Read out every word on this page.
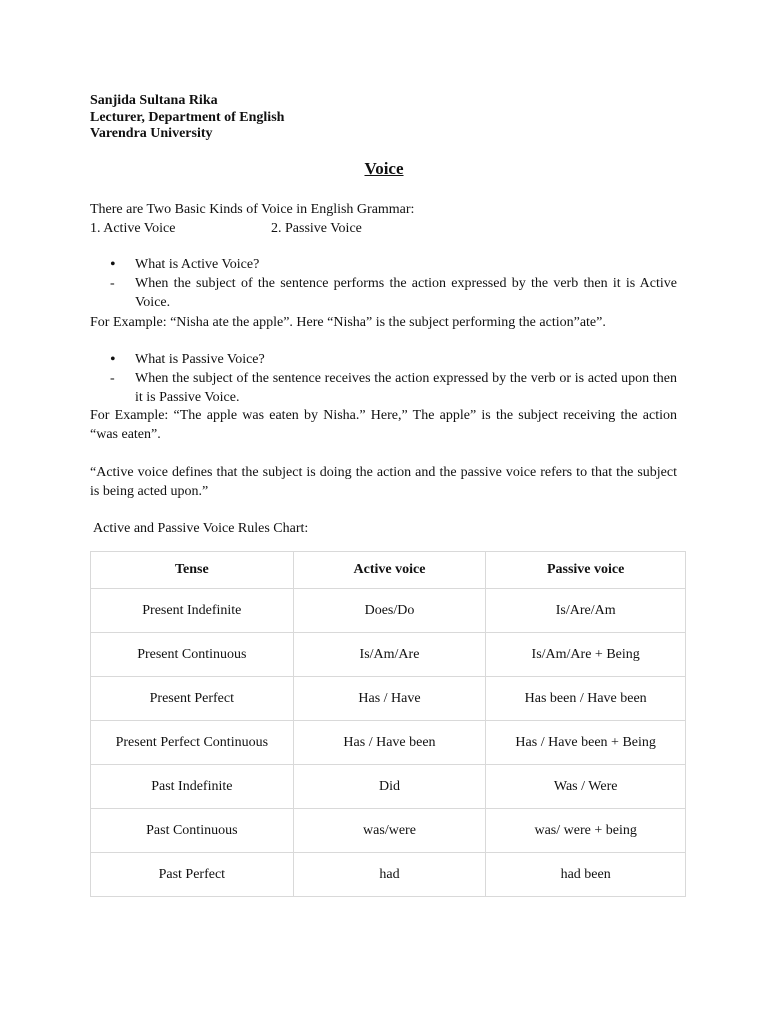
Sanjida Sultana Rika
Lecturer, Department of English
Varendra University
Voice
There are Two Basic Kinds of Voice in English Grammar:
1. Active Voice	2. Passive Voice
•	What is Active Voice?
-	When the subject of the sentence performs the action expressed by the verb then it is Active Voice.
For Example: “Nisha ate the apple”. Here “Nisha” is the subject performing the action”ate”.
•	What is Passive Voice?
-	When the subject of the sentence receives the action expressed by the verb or is acted upon then it is Passive Voice.
For Example: “The apple was eaten by Nisha.” Here,” The apple” is the subject receiving the action “was eaten”.
“Active voice defines that the subject is doing the action and the passive voice refers to that the subject is being acted upon.”
Active and Passive Voice Rules Chart:
Tense	Active voice	Passive voice
Present Indefinite	Does/Do	Is/Are/Am
Present Continuous	Is/Am/Are	Is/Am/Are + Being
Present Perfect	Has / Have	Has been / Have been
Present Perfect Continuous	Has / Have been	Has / Have been + Being
Past Indefinite	Did	Was / Were
Past Continuous	was/were	was/ were + being
Past Perfect	had	had been
